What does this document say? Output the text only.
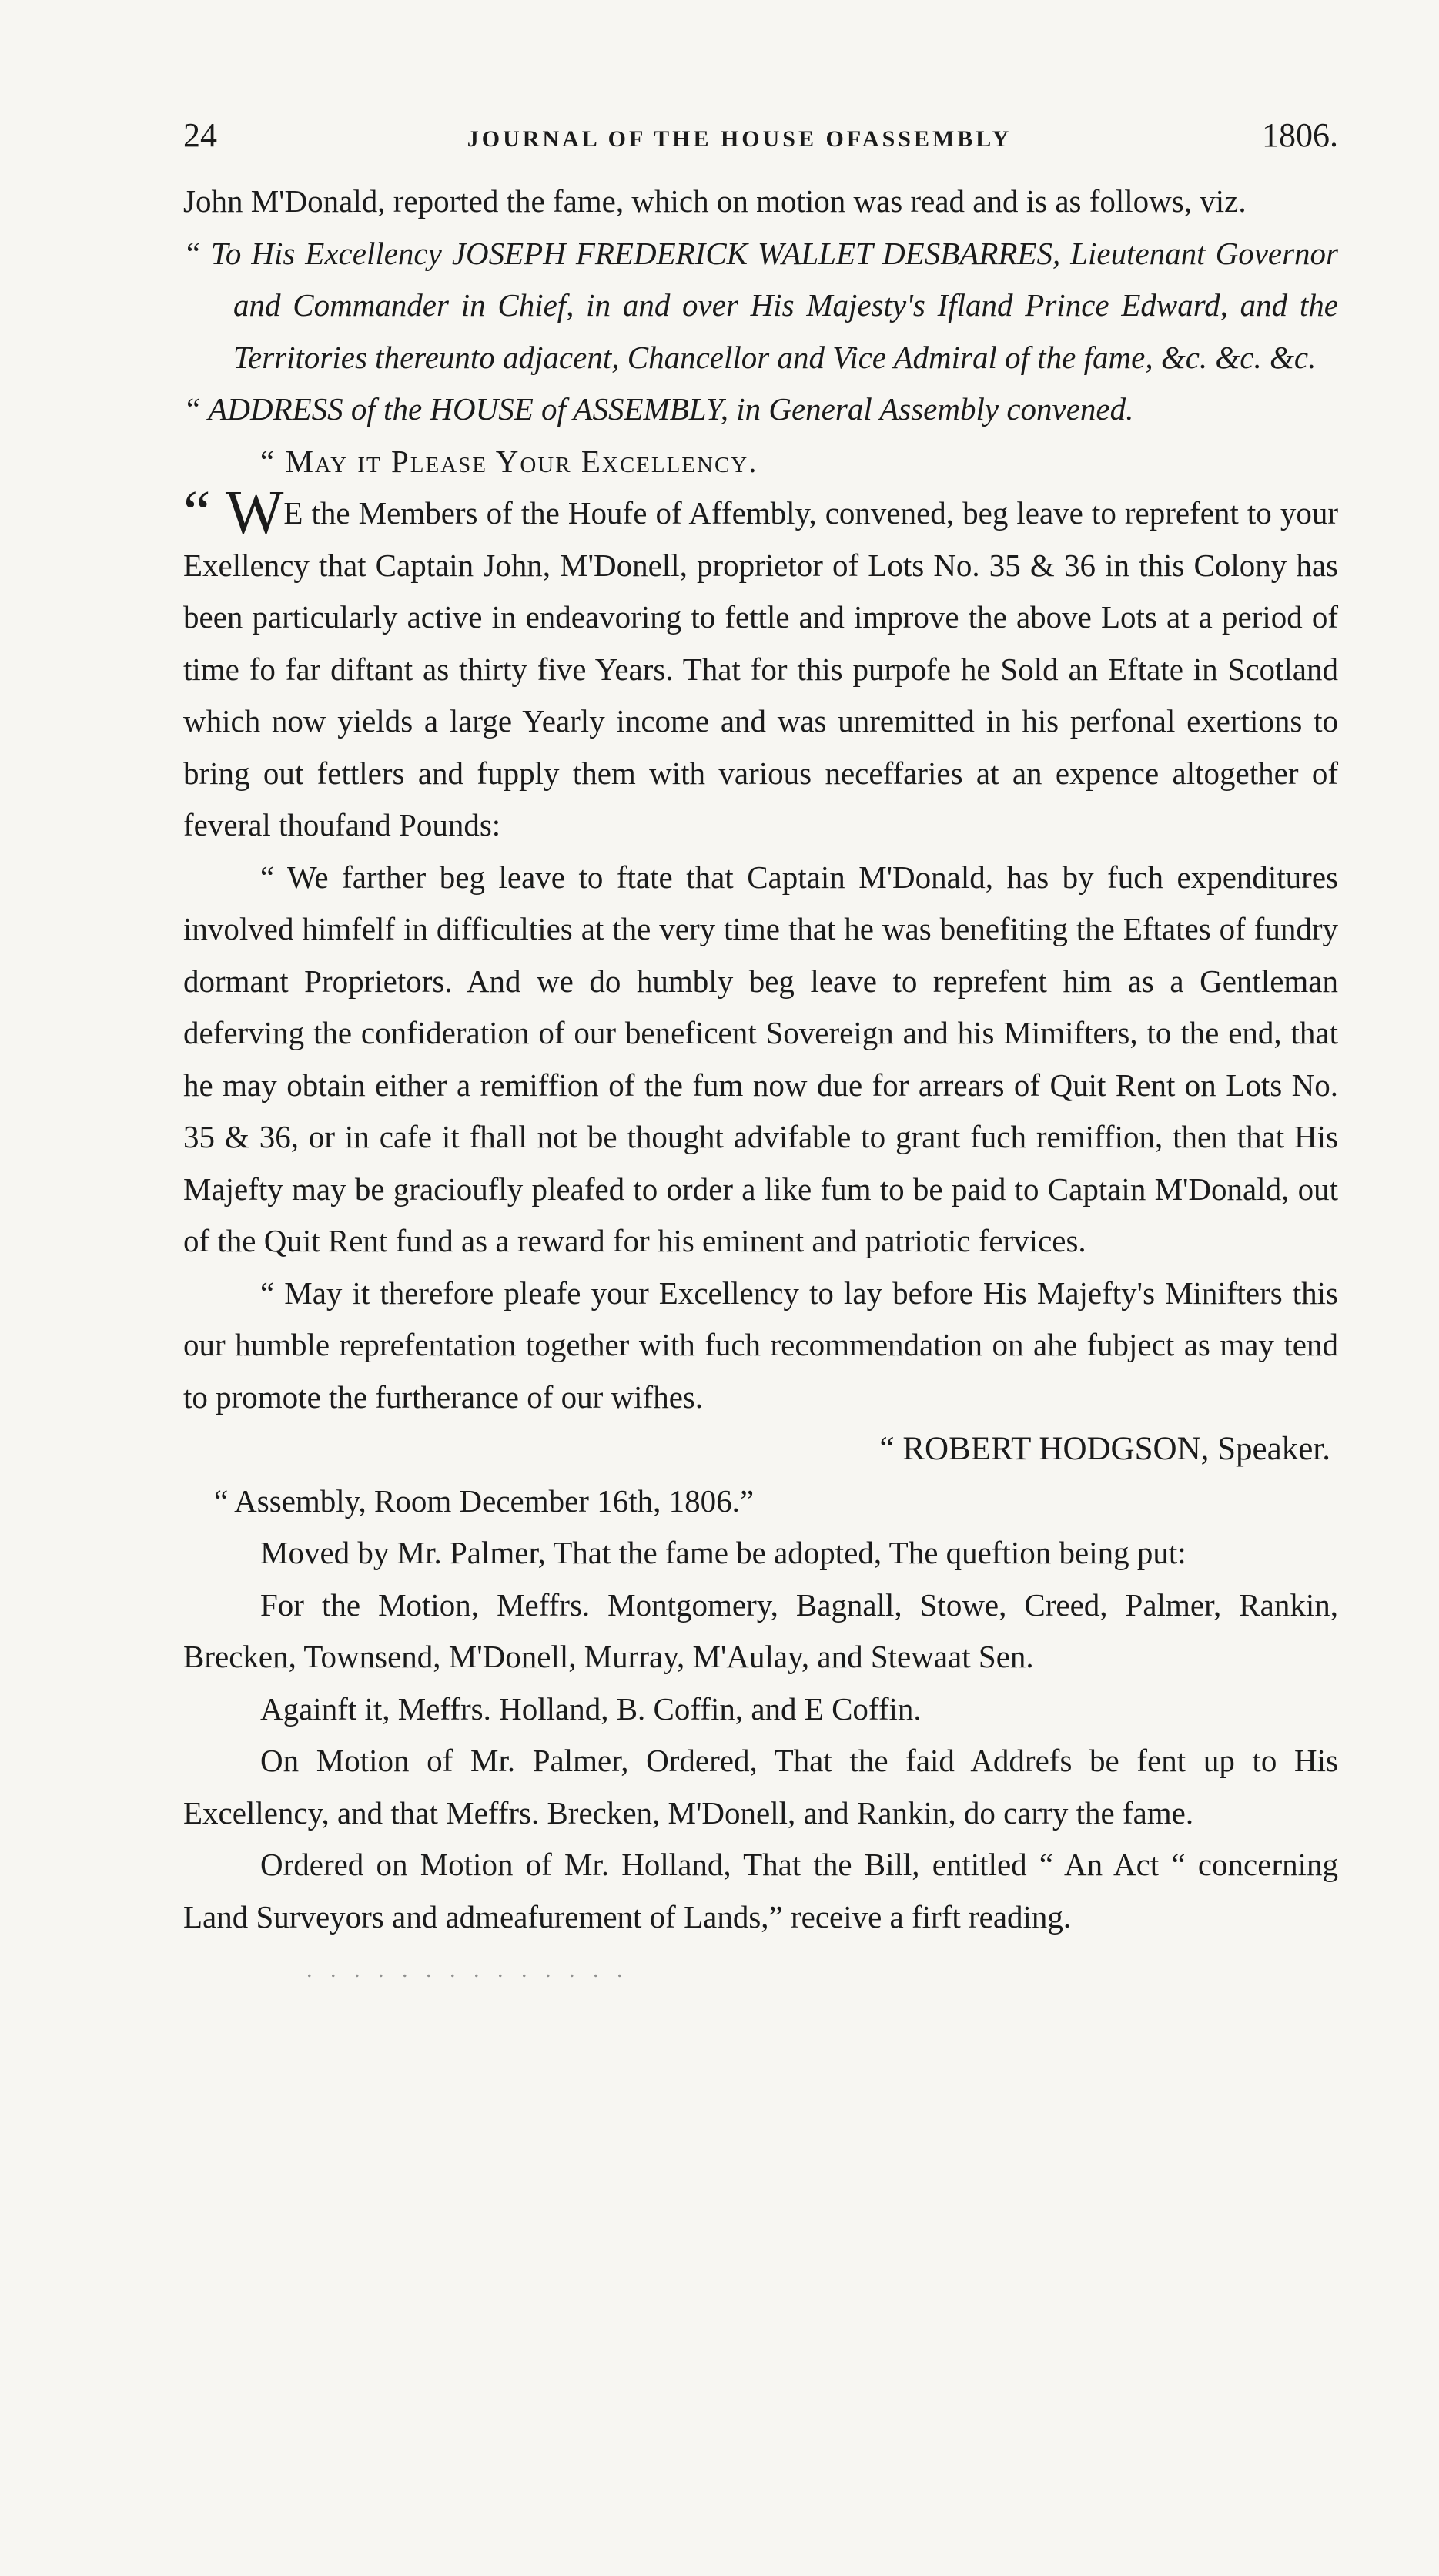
24	JOURNAL OF THE HOUSE OFASSEMBLY	1806.

John M'Donald, reported the fame, which on motion was read and is as follows, viz.

“ To His Excellency JOSEPH FREDERICK WALLET DESBARRES, Lieutenant Governor and Commander in Chief, in and over His Majesty's Ifland Prince Edward, and the Territories thereunto adjacent, Chancellor and Vice Admiral of the fame, &c. &c. &c.

“ ADDRESS of the HOUSE of ASSEMBLY, in General Assembly convened.

“ May it Please Your Excellency.

“ WE the Members of the Houfe of Affembly, convened, beg leave to reprefent to your Exellency that Captain John, M'Donell, proprietor of Lots No. 35 & 36 in this Colony has been particularly active in endeavoring to fettle and improve the above Lots at a period of time fo far diftant as thirty five Years. That for this purpofe he Sold an Eftate in Scotland which now yields a large Yearly income and was unremitted in his perfonal exertions to bring out fettlers and fupply them with various neceffaries at an expence altogether of feveral thoufand Pounds:

“ We farther beg leave to ftate that Captain M'Donald, has by fuch expenditures involved himfelf in difficulties at the very time that he was benefiting the Eftates of fundry dormant Proprietors. And we do humbly beg leave to reprefent him as a Gentleman deferving the confideration of our beneficent Sovereign and his Mimifters, to the end, that he may obtain either a remiffion of the fum now due for arrears of Quit Rent on Lots No. 35 & 36, or in cafe it fhall not be thought advifable to grant fuch remiffion, then that His Majefty may be gracioufly pleafed to order a like fum to be paid to Captain M'Donald, out of the Quit Rent fund as a reward for his eminent and patriotic fervices.

“ May it therefore pleafe your Excellency to lay before His Majefty's Minifters this our humble reprefentation together with fuch recommendation on ahe fubject as may tend to promote the furtherance of our wifhes.

“ ROBERT HODGSON, Speaker.

“ Assembly, Room December 16th, 1806.”

Moved by Mr. Palmer, That the fame be adopted, The queftion being put:

For the Motion, Meffrs. Montgomery, Bagnall, Stowe, Creed, Palmer, Rankin, Brecken, Townsend, M'Donell, Murray, M'Aulay, and Stewaat Sen.

Againft it, Meffrs. Holland, B. Coffin, and E Coffin.

On Motion of Mr. Palmer, Ordered, That the faid Addrefs be fent up to His Excellency, and that Meffrs. Brecken, M'Donell, and Rankin, do carry the fame.

Ordered on Motion of Mr. Holland, That the Bill, entitled “ An Act “ concerning Land Surveyors and admeafurement of Lands,” receive a firft reading.

. . . . . . . . . . . . . .
